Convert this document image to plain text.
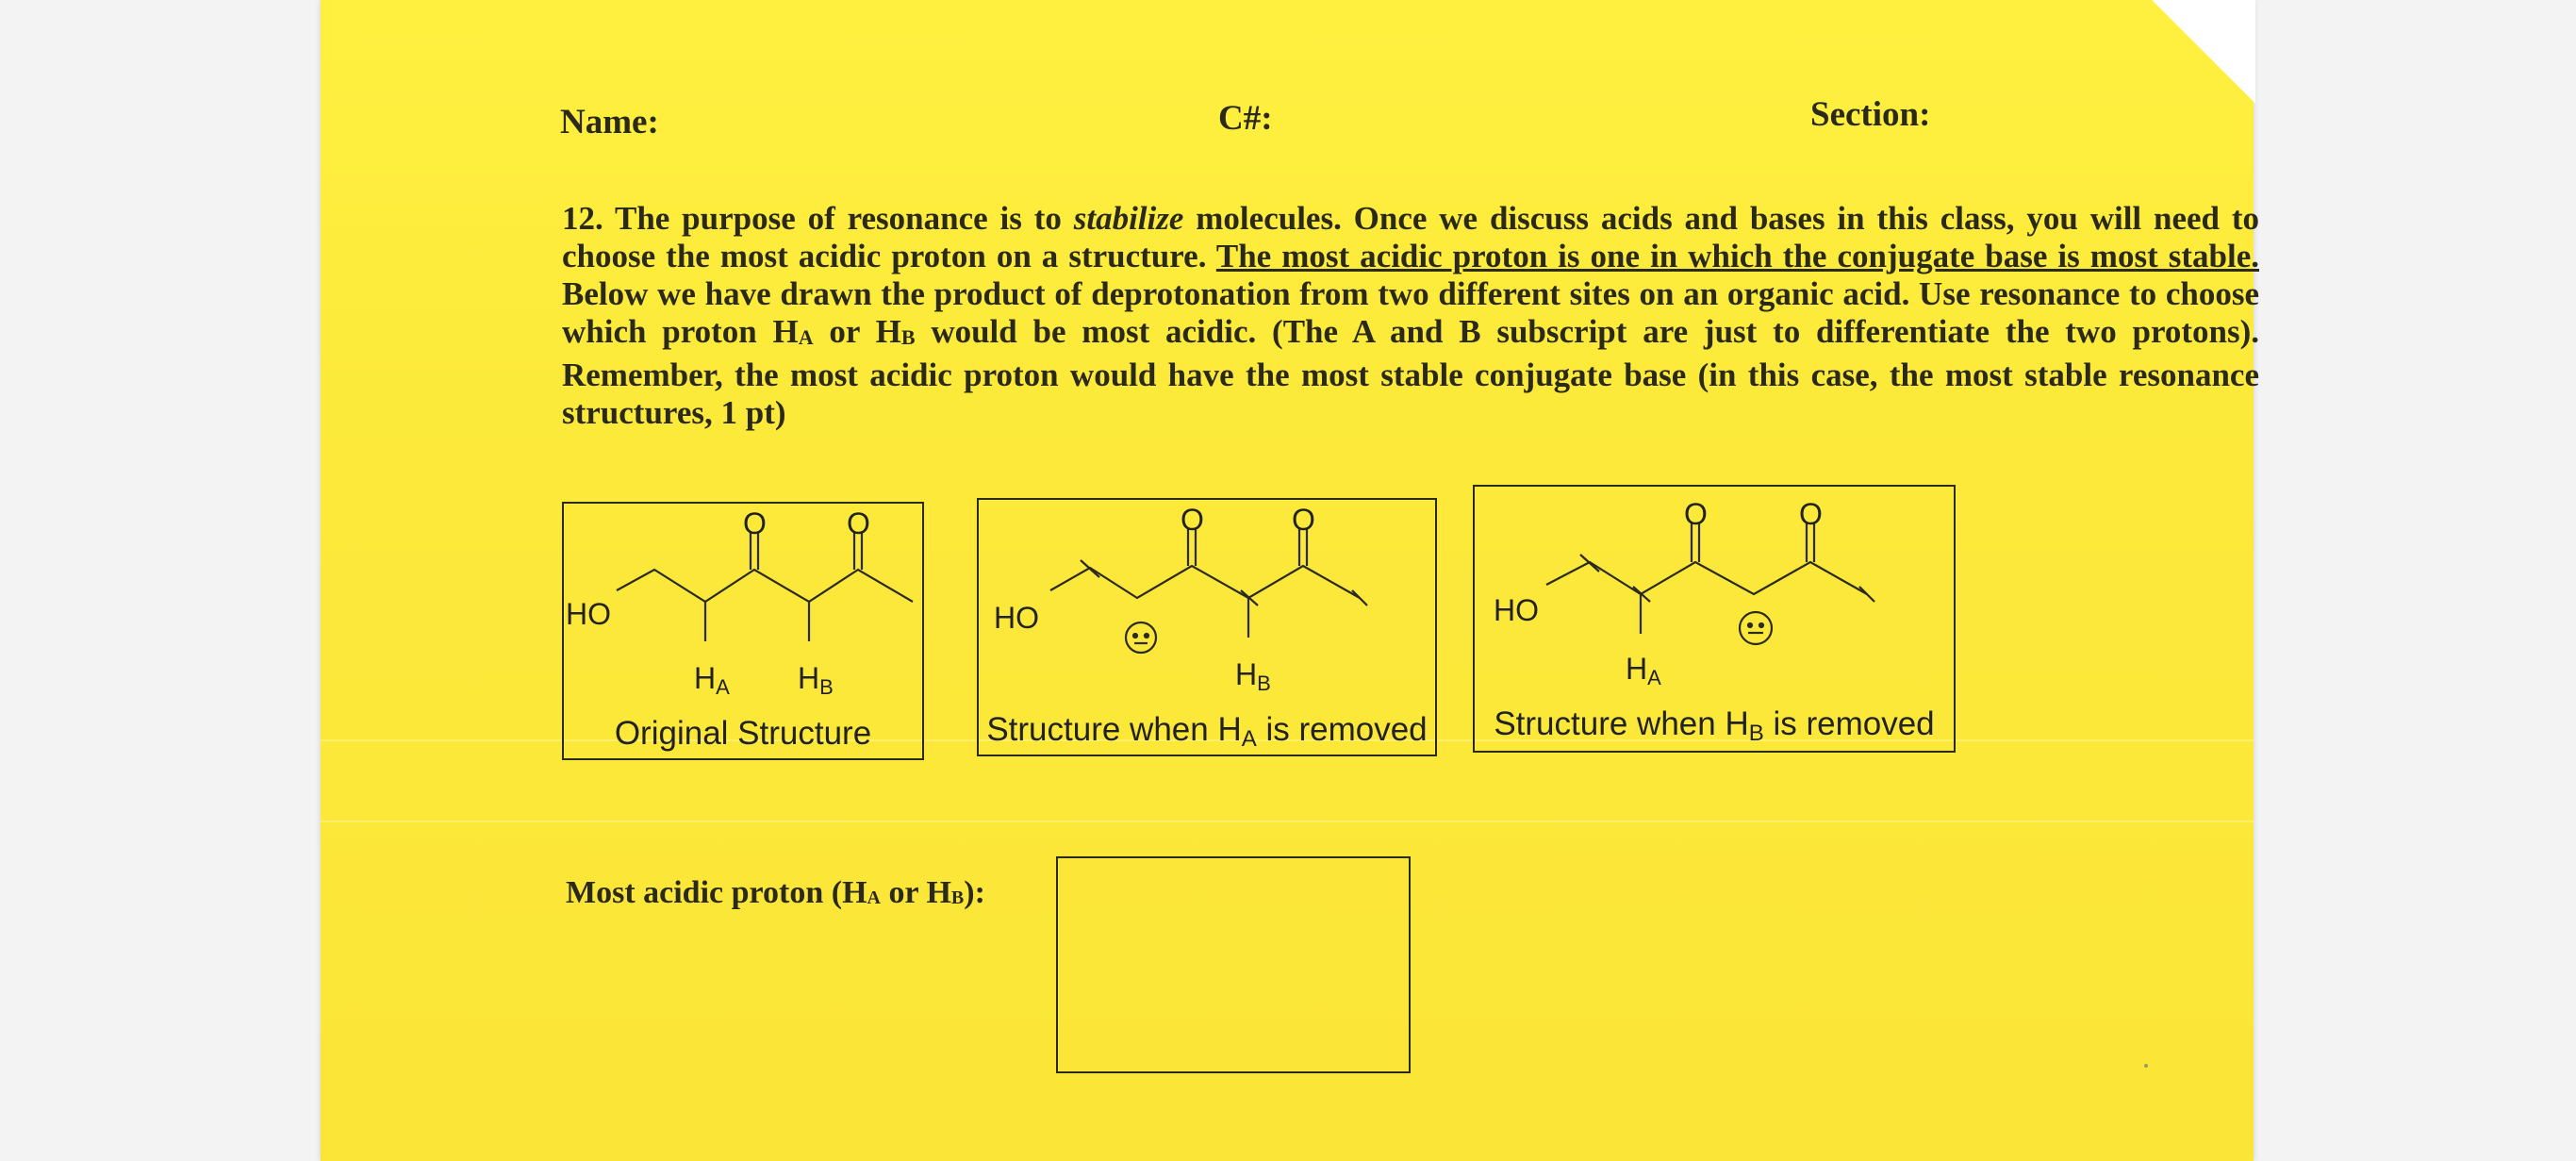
Name:	C#:	Section:
12. The purpose of resonance is to stabilize molecules. Once we discuss acids and bases in this class, you will need to choose the most acidic proton on a structure. The most acidic proton is one in which the conjugate base is most stable. Below we have drawn the product of deprotonation from two different sites on an organic acid. Use resonance to choose which proton $H_A$ or $H_B$ would be most acidic. (The A and B subscript are just to differentiate the two protons). Remember, the most acidic proton would have the most stable conjugate base (in this case, the most stable resonance structures, 1 pt)
HO
O	O
HA HB
Original Structure
HO
O	O
HB
Structure when $H_A$ is removed
HO
O	O
HA
Structure when $H_B$ is removed
Most acidic proton ($H_A$ or $H_B$):
